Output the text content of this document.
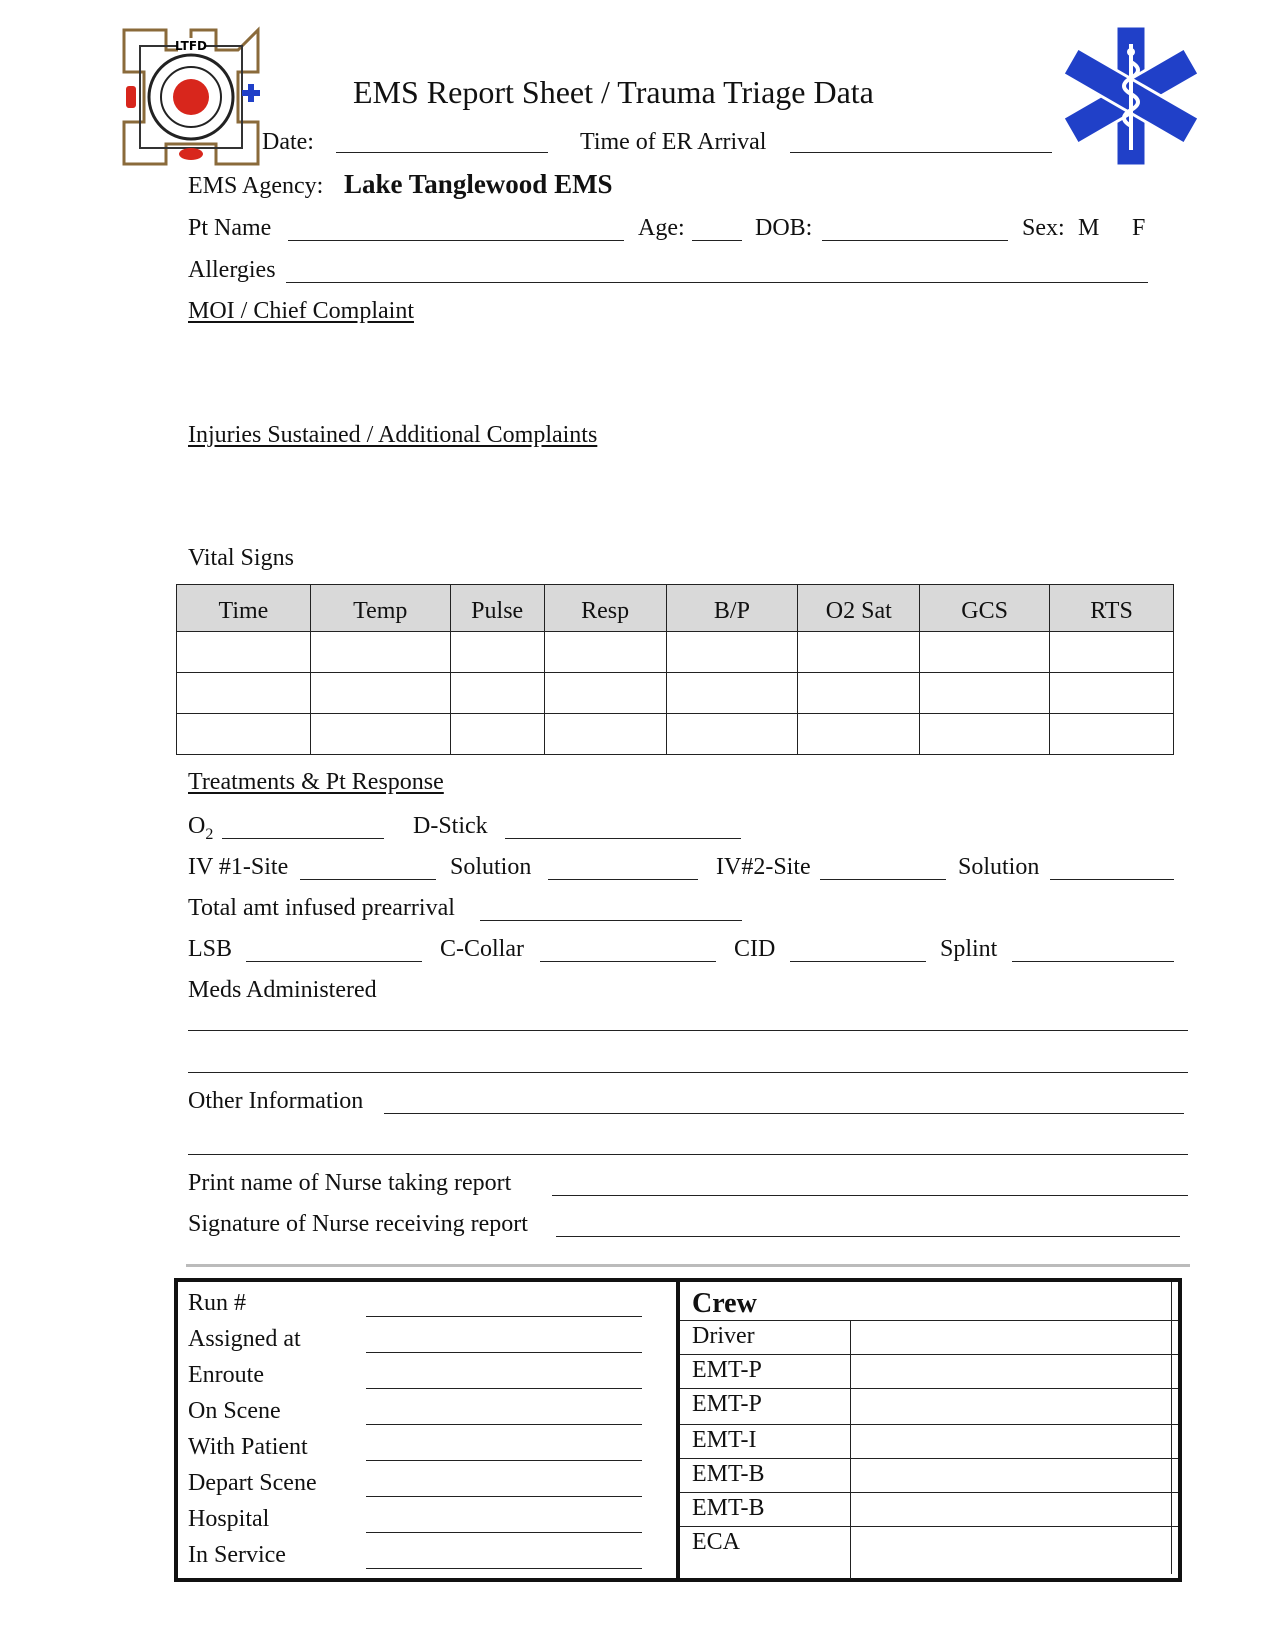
LTFD
EMS Report Sheet / Trauma Triage Data
Date:	Time of ER Arrival
EMS Agency: Lake Tanglewood EMS
Pt Name	Age:	DOB:	Sex: M F
Allergies
MOI / Chief Complaint
Injuries Sustained / Additional Complaints
Vital Signs
Time	Temp	Pulse	Resp	B/P	O2 Sat	GCS	RTS

Treatments & Pt Response
$O_2$	D-Stick
IV #1-Site	Solution	IV#2-Site	Solution
Total amt infused prearrival
LSB	C-Collar	CID	Splint
Meds Administered
Other Information
Print name of Nurse taking report
Signature of Nurse receiving report
Run #
Assigned at
Enroute
On Scene
With Patient
Depart Scene
Hospital
In Service
Crew
Driver
EMT-P
EMT-P
EMT-I
EMT-B
EMT-B
ECA
